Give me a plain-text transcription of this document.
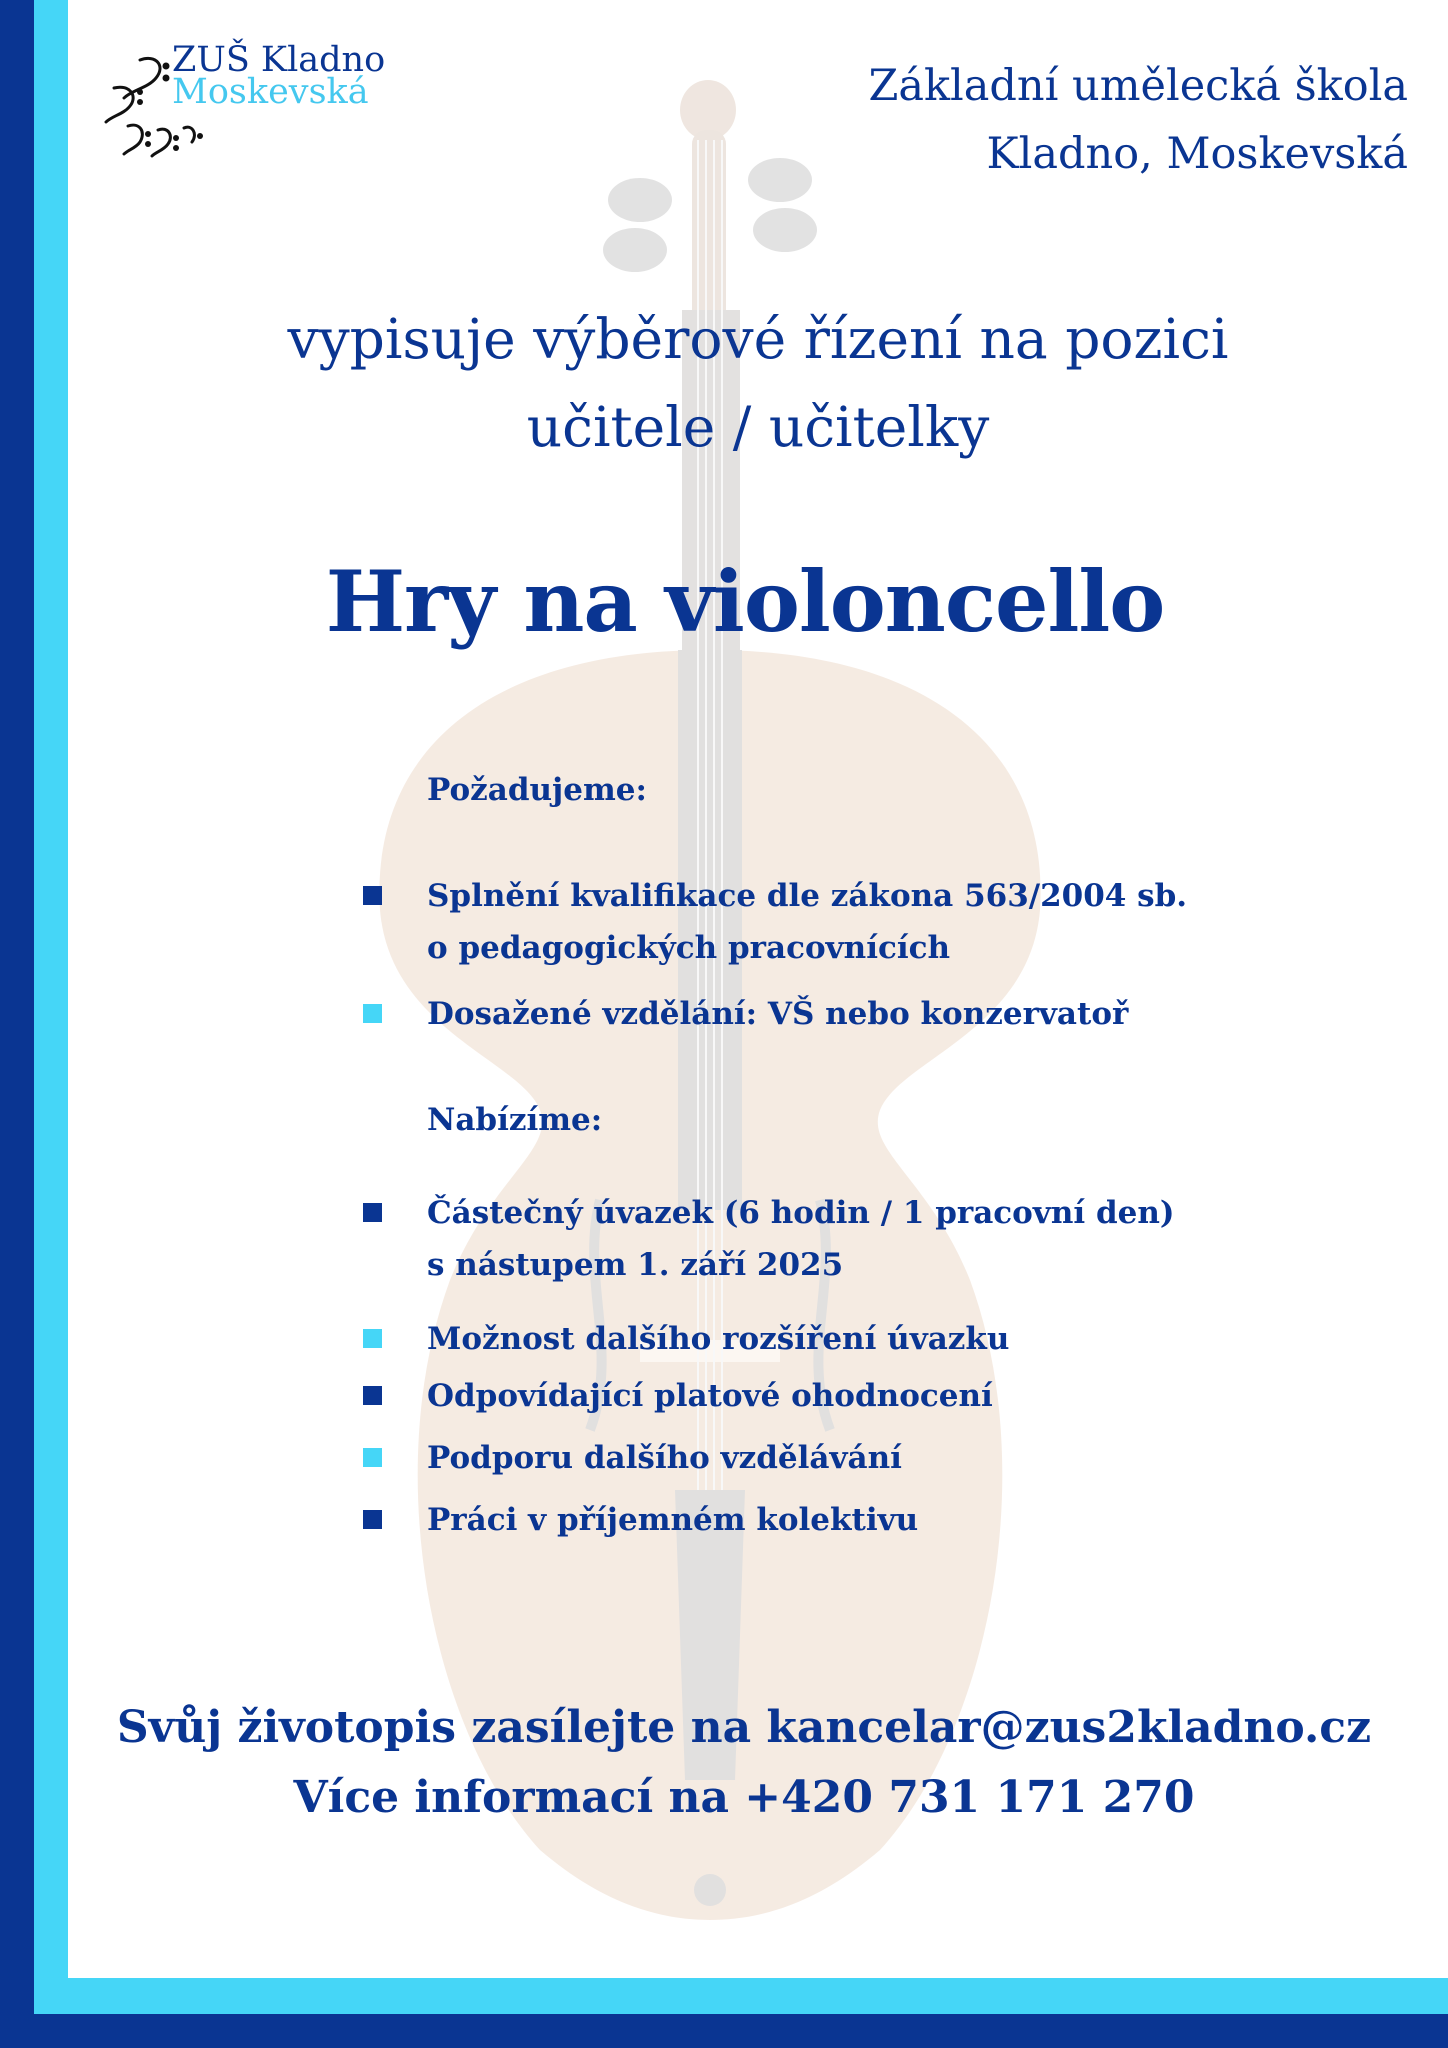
ZUŠ Kladno
Moskevská	Základní umělecká škola
Kladno, Moskevská
vypisuje výběrové řízení na pozici
učitele / učitelky
Hry na violoncello
Požadujeme:
Splnění kvalifikace dle zákona 563/2004 sb.
o pedagogických pracovnících
Dosažené vzdělání: VŠ nebo konzervatoř
Nabízíme:
Částečný úvazek (6 hodin / 1 pracovní den)
s nástupem 1. září 2025
Možnost dalšího rozšíření úvazku
Odpovídající platové ohodnocení
Podporu dalšího vzdělávání
Práci v příjemném kolektivu
Svůj životopis zasílejte na kancelar@zus2kladno.cz
Více informací na +420 731 171 270
